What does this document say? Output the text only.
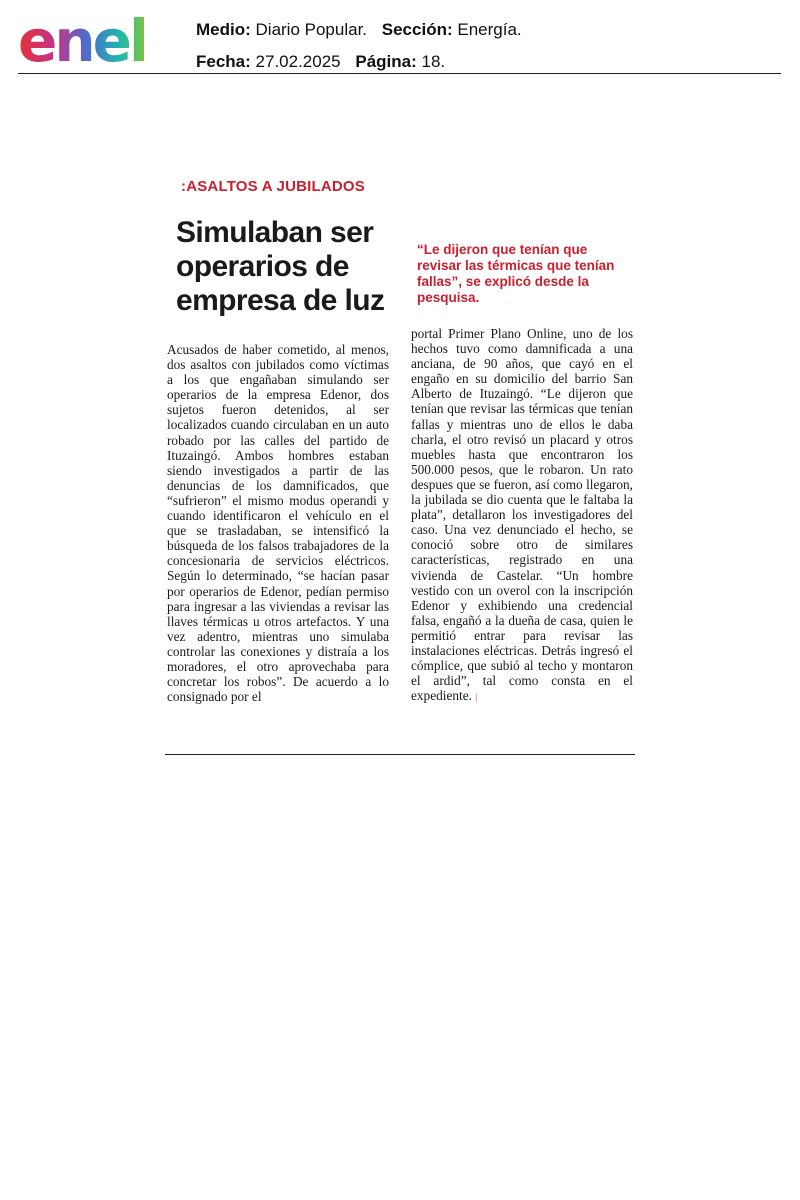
enel	Medio: Diario Popular. Sección: Energía.
Fecha: 27.02.2025 Página: 18.
:ASALTOS A JUBILADOS
Simulaban ser operarios de empresa de luz

“Le dijeron que tenían que revisar las térmicas que tenían fallas”, se explicó desde la pesquisa.

Acusados de haber cometido, al menos, dos asaltos con jubilados como víctimas a los que engañaban simulando ser operarios de la empresa Edenor, dos sujetos fueron detenidos, al ser localizados cuando circulaban en un auto robado por las calles del partido de Ituzaingó. Ambos hombres estaban siendo investigados a partir de las denuncias de los damnificados, que “sufrieron” el mismo modus operandi y cuando identificaron el vehículo en el que se trasladaban, se intensificó la búsqueda de los falsos trabajadores de la concesionaria de servicios eléctricos. Según lo determinado, “se hacían pasar por operarios de Edenor, pedían permiso para ingresar a las viviendas a revisar las llaves térmicas u otros artefactos. Y una vez adentro, mientras uno simulaba controlar las conexiones y distraía a los moradores, el otro aprovechaba para concretar los robos”. De acuerdo a lo consignado por el

portal Primer Plano Online, uno de los hechos tuvo como damnificada a una anciana, de 90 años, que cayó en el engaño en su domicilio del barrio San Alberto de Ituzaingó. “Le dijeron que tenían que revisar las térmicas que tenían fallas y mientras uno de ellos le daba charla, el otro revisó un placard y otros muebles hasta que encontraron los 500.000 pesos, que le robaron. Un rato despues que se fueron, así como llegaron, la jubilada se dio cuenta que le faltaba la plata”, detallaron los investigadores del caso. Una vez denunciado el hecho, se conoció sobre otro de similares características, registrado en una vivienda de Castelar. “Un hombre vestido con un overol con la inscripción Edenor y exhibiendo una credencial falsa, engañó a la dueña de casa, quien le permitió entrar para revisar las instalaciones eléctricas. Detrás ingresó el cómplice, que subió al techo y montaron el ardid”, tal como consta en el expediente. |
